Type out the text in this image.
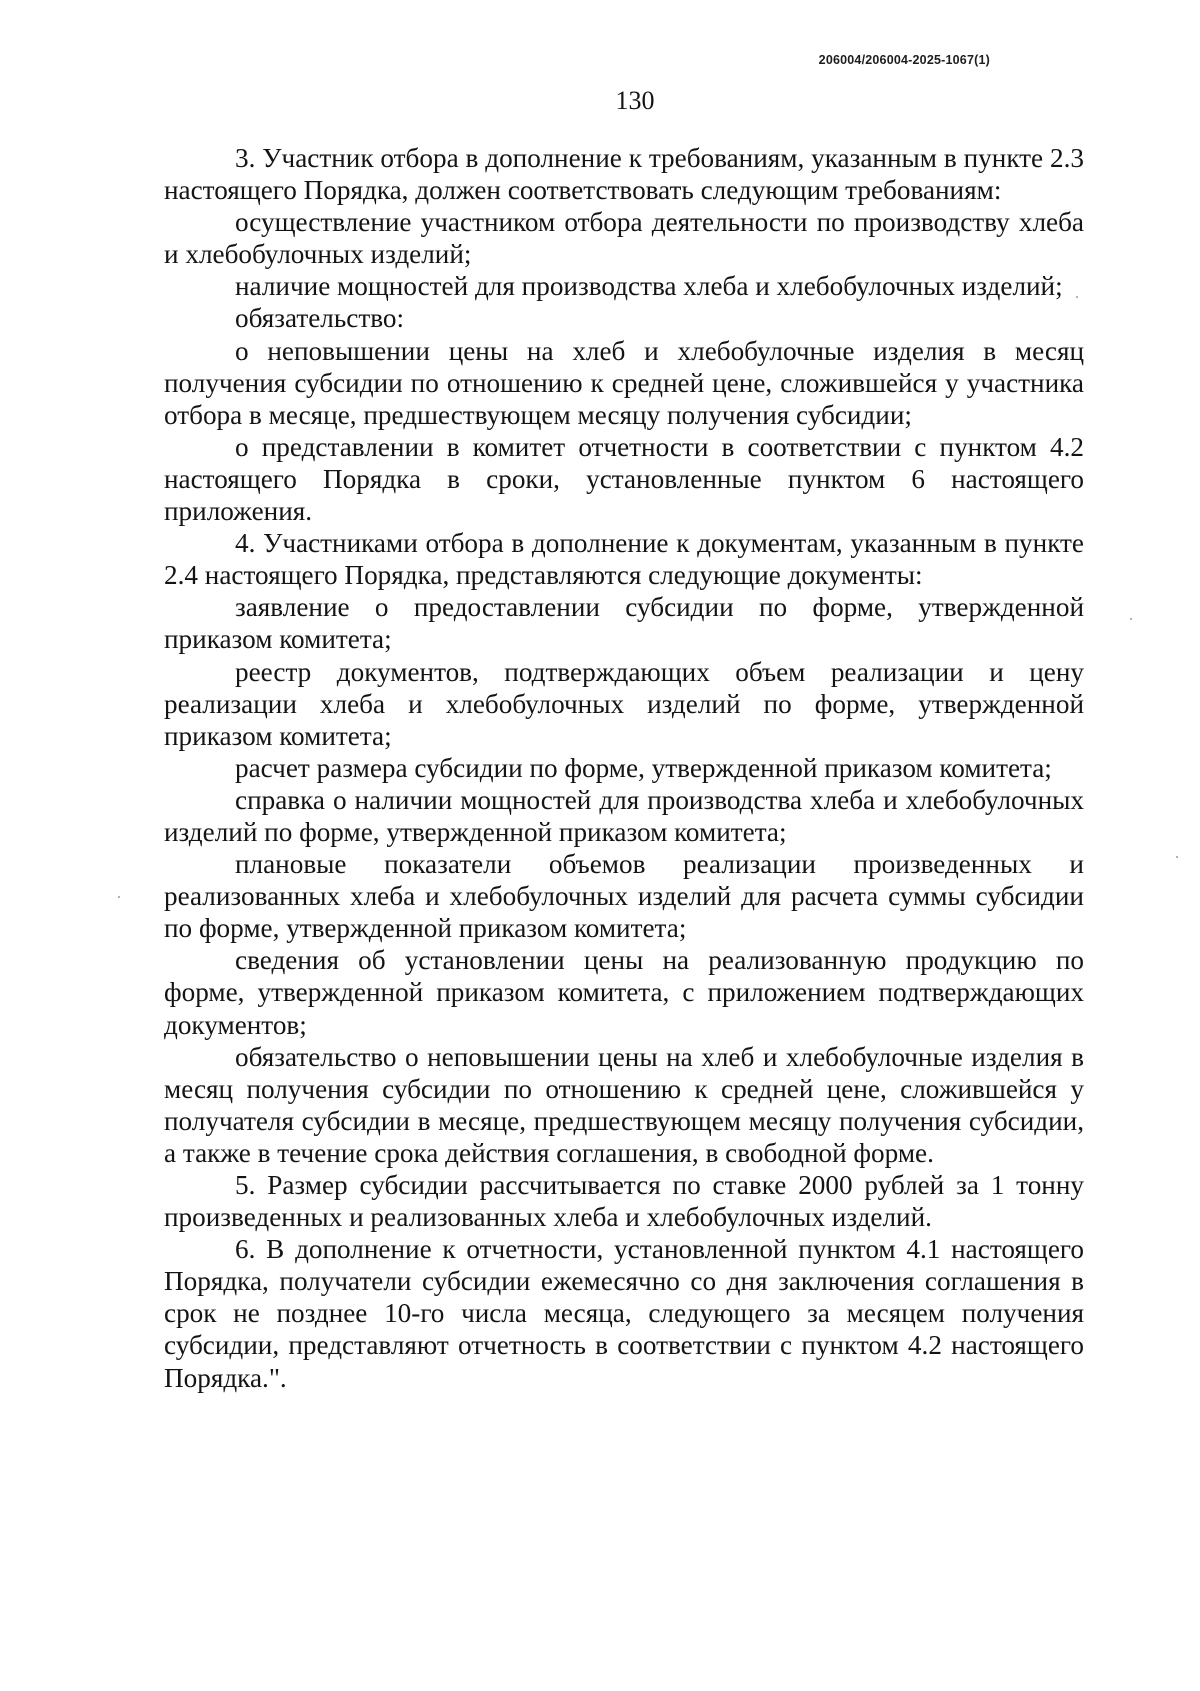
206004/206004-2025-1067(1)
130

3. Участник отбора в дополнение к требованиям, указанным в пункте 2.3 настоящего Порядка, должен соответствовать следующим требованиям:

осуществление участником отбора деятельности по производству хлеба и хлебобулочных изделий;

наличие мощностей для производства хлеба и хлебобулочных изделий;

обязательство:

о неповышении цены на хлеб и хлебобулочные изделия в месяц получения субсидии по отношению к средней цене, сложившейся у участника отбора в месяце, предшествующем месяцу получения субсидии;

о представлении в комитет отчетности в соответствии с пунктом 4.2 настоящего Порядка в сроки, установленные пунктом 6 настоящего приложения.

4. Участниками отбора в дополнение к документам, указанным в пункте 2.4 настоящего Порядка, представляются следующие документы:

заявление о предоставлении субсидии по форме, утвержденной приказом комитета;

реестр документов, подтверждающих объем реализации и цену реализации хлеба и хлебобулочных изделий по форме, утвержденной приказом комитета;

расчет размера субсидии по форме, утвержденной приказом комитета;

справка о наличии мощностей для производства хлеба и хлебобулочных изделий по форме, утвержденной приказом комитета;

плановые показатели объемов реализации произведенных и реализованных хлеба и хлебобулочных изделий для расчета суммы субсидии по форме, утвержденной приказом комитета;

сведения об установлении цены на реализованную продукцию по форме, утвержденной приказом комитета, с приложением подтверждающих документов;

обязательство о неповышении цены на хлеб и хлебобулочные изделия в месяц получения субсидии по отношению к средней цене, сложившейся у получателя субсидии в месяце, предшествующем месяцу получения субсидии, а также в течение срока действия соглашения, в свободной форме.

5. Размер субсидии рассчитывается по ставке 2000 рублей за 1 тонну произведенных и реализованных хлеба и хлебобулочных изделий.

6. В дополнение к отчетности, установленной пунктом 4.1 настоящего Порядка, получатели субсидии ежемесячно со дня заключения соглашения в срок не позднее 10-го числа месяца, следующего за месяцем получения субсидии, представляют отчетность в соответствии с пунктом 4.2 настоящего Порядка.".
